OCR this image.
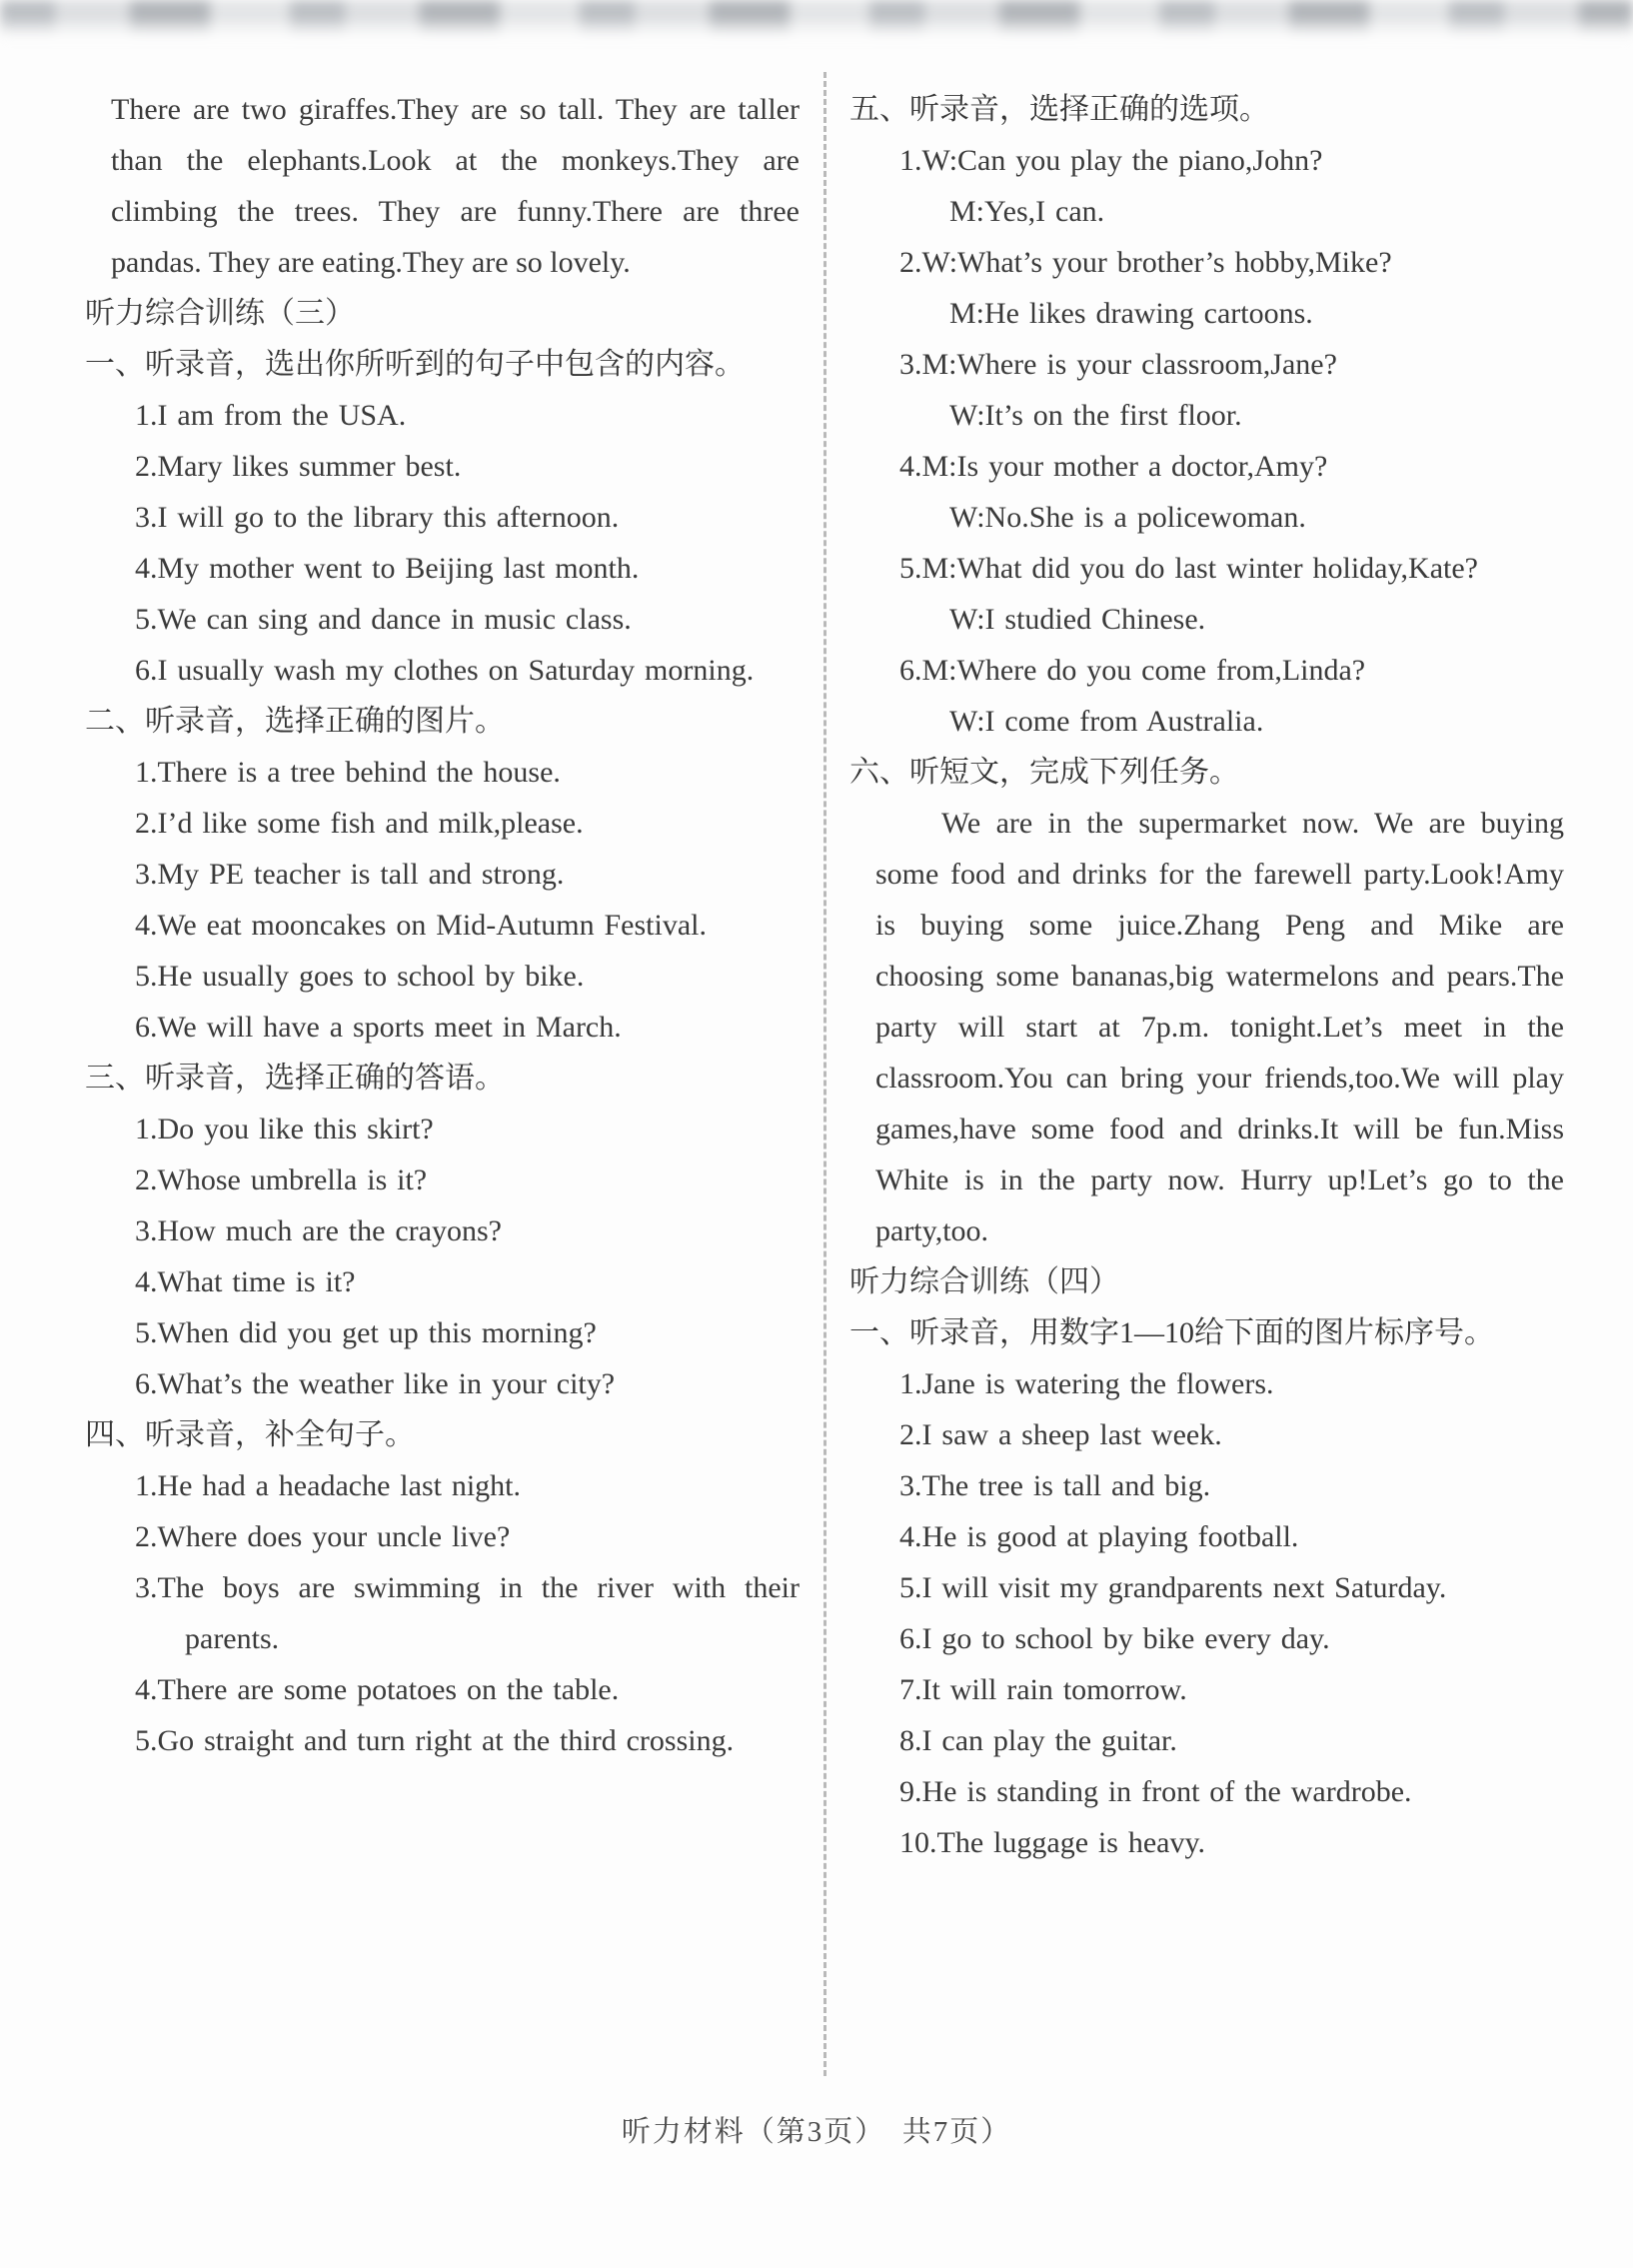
There are two giraffes.They are so tall. They are taller than the elephants.Look at the monkeys.They are climbing the trees. They are funny.There are three pandas. They are eating.They are so lovely.
听力综合训练（三）
一、听录音，选出你所听到的句子中包含的内容。
1.I am from the USA.
2.Mary likes summer best.
3.I will go to the library this afternoon.
4.My mother went to Beijing last month.
5.We can sing and dance in music class.
6.I usually wash my clothes on Saturday morning.
二、听录音，选择正确的图片。
1.There is a tree behind the house.
2.I’d like some fish and milk,please.
3.My PE teacher is tall and strong.
4.We eat mooncakes on Mid-Autumn Festival.
5.He usually goes to school by bike.
6.We will have a sports meet in March.
三、听录音，选择正确的答语。
1.Do you like this skirt?
2.Whose umbrella is it?
3.How much are the crayons?
4.What time is it?
5.When did you get up this morning?
6.What’s the weather like in your city?
四、听录音，补全句子。
1.He had a headache last night.
2.Where does your uncle live?
3.The boys are swimming in the river with their parents.
4.There are some potatoes on the table.
5.Go straight and turn right at the third crossing.
五、听录音，选择正确的选项。
1.W:Can you play the piano,John?
M:Yes,I can.
2.W:What’s your brother’s hobby,Mike?
M:He likes drawing cartoons.
3.M:Where is your classroom,Jane?
W:It’s on the first floor.
4.M:Is your mother a doctor,Amy?
W:No.She is a policewoman.
5.M:What did you do last winter holiday,Kate?
W:I studied Chinese.
6.M:Where do you come from,Linda?
W:I come from Australia.
六、听短文，完成下列任务。
We are in the supermarket now. We are buying some food and drinks for the farewell party.Look!Amy is buying some juice.Zhang Peng and Mike are choosing some bananas,big watermelons and pears.The party will start at 7p.m. tonight.Let’s meet in the classroom.You can bring your friends,too.We will play games,have some food and drinks.It will be fun.Miss White is in the party now. Hurry up!Let’s go to the party,too.
听力综合训练（四）
一、听录音，用数字1—10给下面的图片标序号。
1.Jane is watering the flowers.
2.I saw a sheep last week.
3.The tree is tall and big.
4.He is good at playing football.
5.I will visit my grandparents next Saturday.
6.I go to school by bike every day.
7.It will rain tomorrow.
8.I can play the guitar.
9.He is standing in front of the wardrobe.
10.The luggage is heavy.
听力材料（第3页）　共7页）
